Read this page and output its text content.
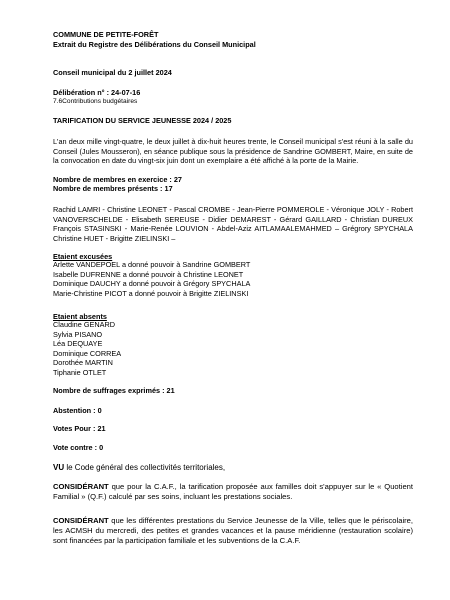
COMMUNE DE PETITE-FORÊT
Extrait du Registre des Délibérations du Conseil Municipal
Conseil municipal du 2 juillet 2024
Délibération n° : 24-07-16
7.6Contributions budgétaires
TARIFICATION DU SERVICE JEUNESSE 2024 / 2025

L'an deux mille vingt-quatre, le deux juillet à dix-huit heures trente, le Conseil municipal s'est réuni à la salle du Conseil (Jules Mousseron), en séance publique sous la présidence de Sandrine GOMBERT, Maire, en suite de la convocation en date du vingt-six juin dont un exemplaire a été affiché à la porte de la Mairie.

Nombre de membres en exercice : 27
Nombre de membres présents : 17

Rachid LAMRI - Christine LEONET - Pascal CROMBE - Jean-Pierre POMMEROLE - Véronique JOLY - Robert VANOVERSCHELDE - Elisabeth SEREUSE - Didier DEMAREST - Gérard GAILLARD - Christian DUREUX François STASINSKI - Marie-Renée LOUVION - Abdel-Aziz AITLAMAALEMAHMED – Grégrory SPYCHALA Christine HUET - Brigitte ZIELINSKI –

Etaient excusées
Arlette VANDEPOEL a donné pouvoir à Sandrine GOMBERT
Isabelle DUFRENNE a donné pouvoir à Christine LEONET
Dominique DAUCHY a donné pouvoir à Grégory SPYCHALA
Marie-Christine PICOT a donné pouvoir à Brigitte ZIELINSKI
Etaient absents
Claudine GENARD
Sylvia PISANO
Léa DEQUAYE
Dominique CORREA
Dorothée MARTIN
Tiphanie OTLET
Nombre de suffrages exprimés : 21
Abstention : 0
Votes Pour : 21
Vote contre : 0

VU le Code général des collectivités territoriales,

CONSIDÉRANT que pour la C.A.F., la tarification proposée aux familles doit s'appuyer sur le « Quotient Familial » (Q.F.) calculé par ses soins, incluant les prestations sociales.

CONSIDÉRANT que les différentes prestations du Service Jeunesse de la Ville, telles que le périscolaire, les ACMSH du mercredi, des petites et grandes vacances et la pause méridienne (restauration scolaire) sont financées par la participation familiale et les subventions de la C.A.F.
